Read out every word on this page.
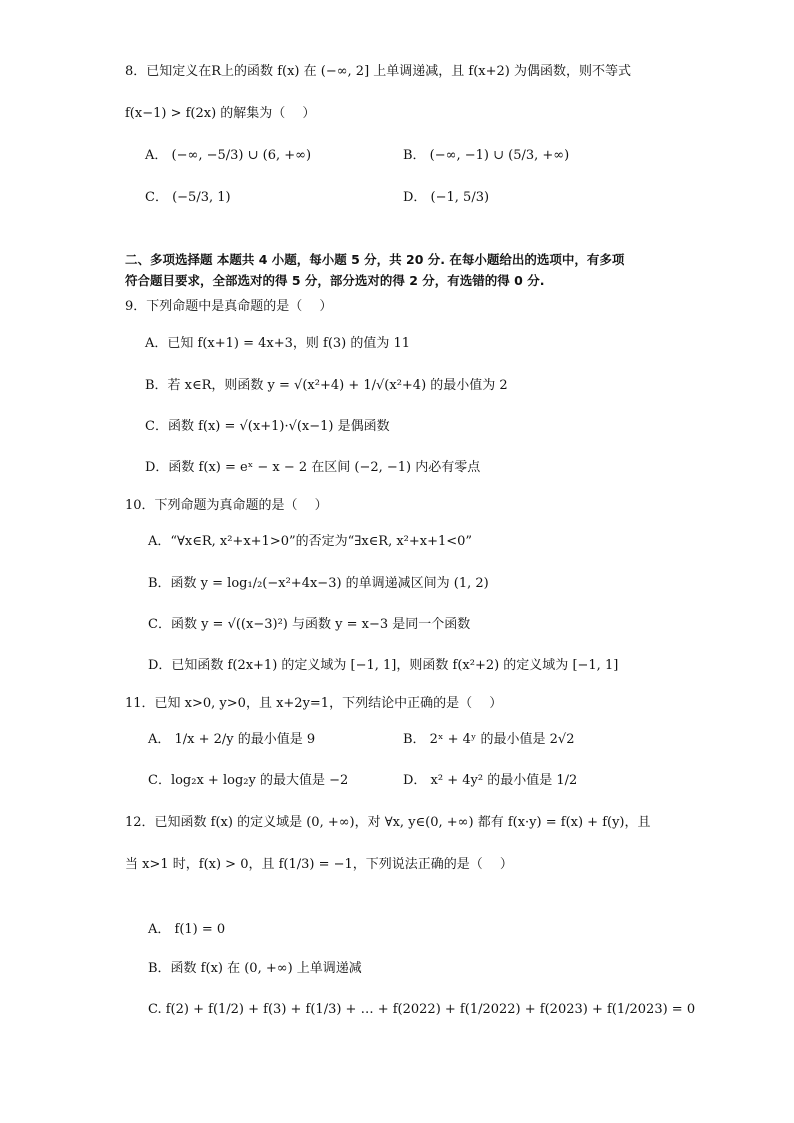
8．已知定义在R上的函数 f(x) 在 (−∞, 2] 上单调递减，且 f(x+2) 为偶函数，则不等式
f(x−1) > f(2x) 的解集为（　 ）
A． (−∞, −5/3) ∪ (6, +∞)	B． (−∞, −1) ∪ (5/3, +∞)
C． (−5/3, 1)	D． (−1, 5/3)
二、多项选择题 本题共 4 小题，每小题 5 分，共 20 分. 在每小题给出的选项中，有多项
符合题目要求，全部选对的得 5 分，部分选对的得 2 分，有选错的得 0 分.
9．下列命题中是真命题的是（　 ）
A．已知 f(x+1) = 4x+3，则 f(3) 的值为 11
B．若 x∈R，则函数 y = √(x²+4) + 1/√(x²+4) 的最小值为 2
C．函数 f(x) = √(x+1)·√(x−1) 是偶函数
D．函数 f(x) = eˣ − x − 2 在区间 (−2, −1) 内必有零点
10．下列命题为真命题的是（　 ）
A．“∀x∈R, x²+x+1>0”的否定为“∃x∈R, x²+x+1<0”
B．函数 y = log₁/₂(−x²+4x−3) 的单调递减区间为 (1, 2)
C．函数 y = √((x−3)²) 与函数 y = x−3 是同一个函数
D．已知函数 f(2x+1) 的定义域为 [−1, 1]，则函数 f(x²+2) 的定义域为 [−1, 1]
11．已知 x>0, y>0，且 x+2y=1，下列结论中正确的是（　 ）
A． 1/x + 2/y 的最小值是 9	B． 2ˣ + 4ʸ 的最小值是 2√2
C．log₂x + log₂y 的最大值是 −2	D． x² + 4y² 的最小值是 1/2
12．已知函数 f(x) 的定义域是 (0, +∞)，对 ∀x, y∈(0, +∞) 都有 f(x·y) = f(x) + f(y)，且
当 x>1 时，f(x) > 0，且 f(1/3) = −1，下列说法正确的是（　 ）
A． f(1) = 0
B．函数 f(x) 在 (0, +∞) 上单调递减
C. f(2) + f(1/2) + f(3) + f(1/3) + … + f(2022) + f(1/2022) + f(2023) + f(1/2023) = 0
